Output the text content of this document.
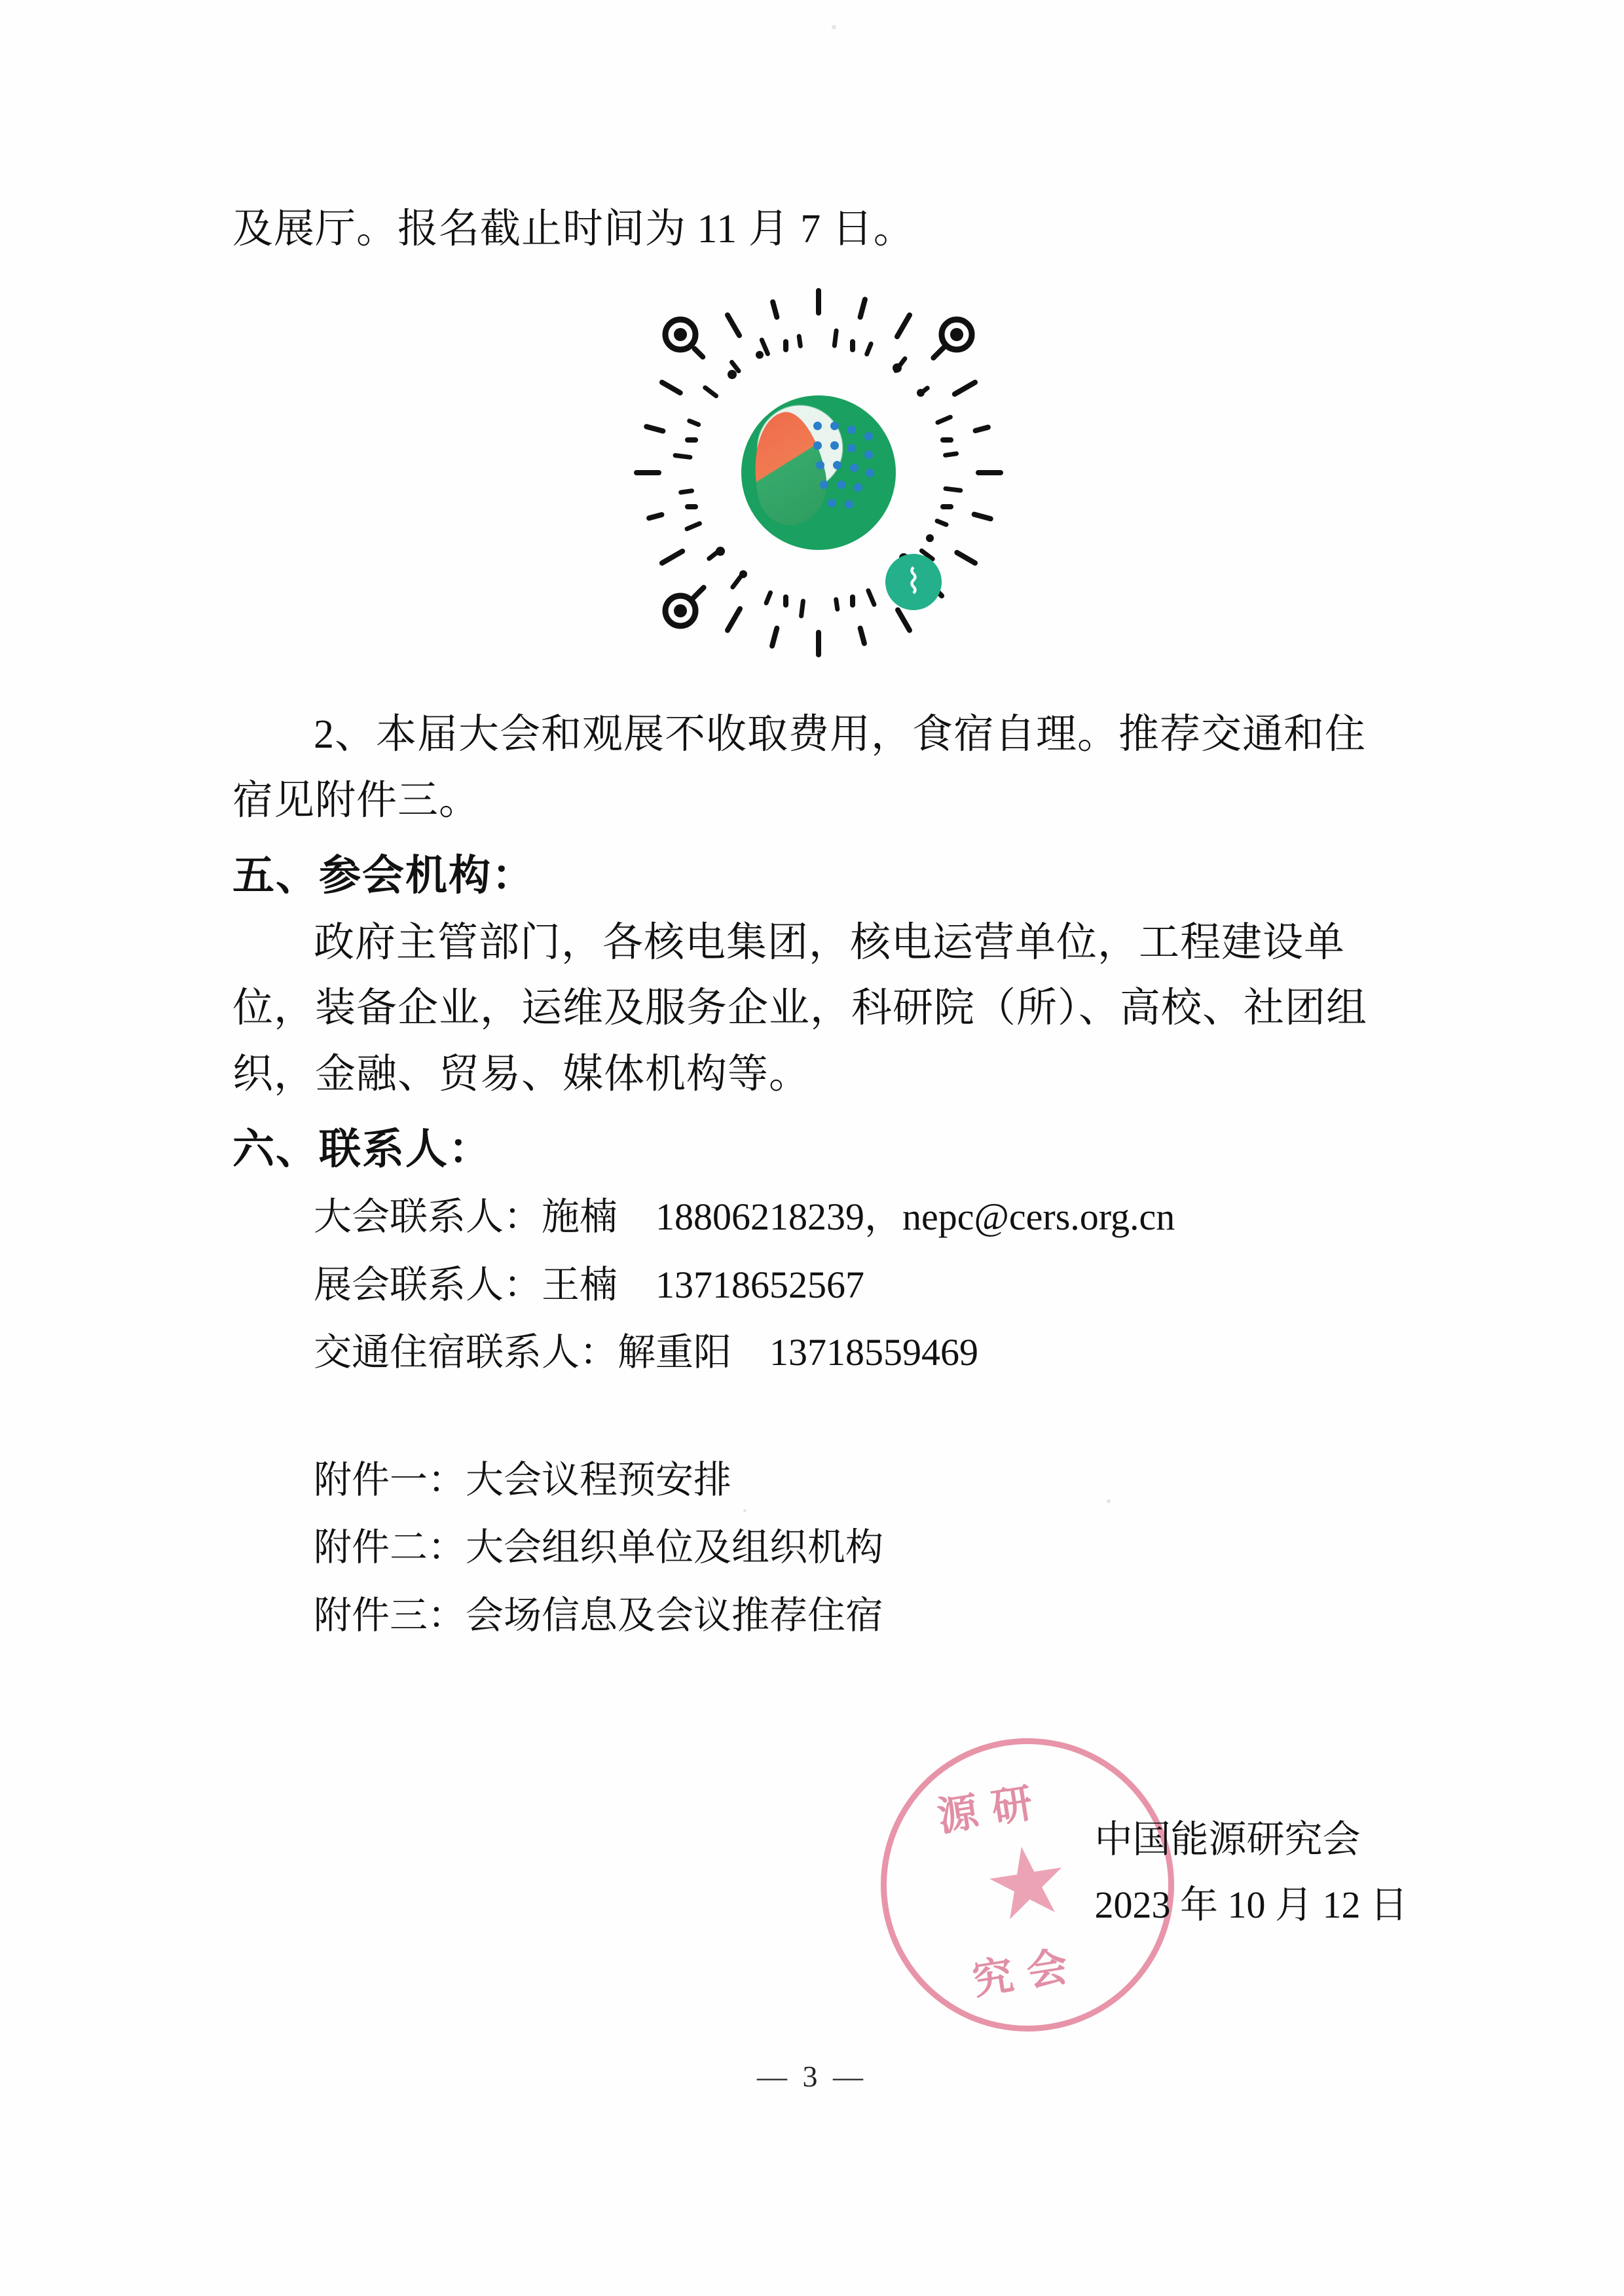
及展厅。报名截止时间为 11 月 7 日。

⌇

2、本届大会和观展不收取费用，食宿自理。推荐交通和住宿见附件三。

五、参会机构：

政府主管部门，各核电集团，核电运营单位，工程建设单位，装备企业，运维及服务企业，科研院（所）、高校、社团组织，金融、贸易、媒体机构等。

六、联系人：

大会联系人：施楠　18806218239，nepc@cers.org.cn

展会联系人：王楠　13718652567

交通住宿联系人：解重阳　13718559469

附件一：大会议程预安排

附件二：大会组织单位及组织机构

附件三：会场信息及会议推荐住宿

★
源 研
究 会
中国能源研究会
2023 年 10 月 12 日
— 3 —
